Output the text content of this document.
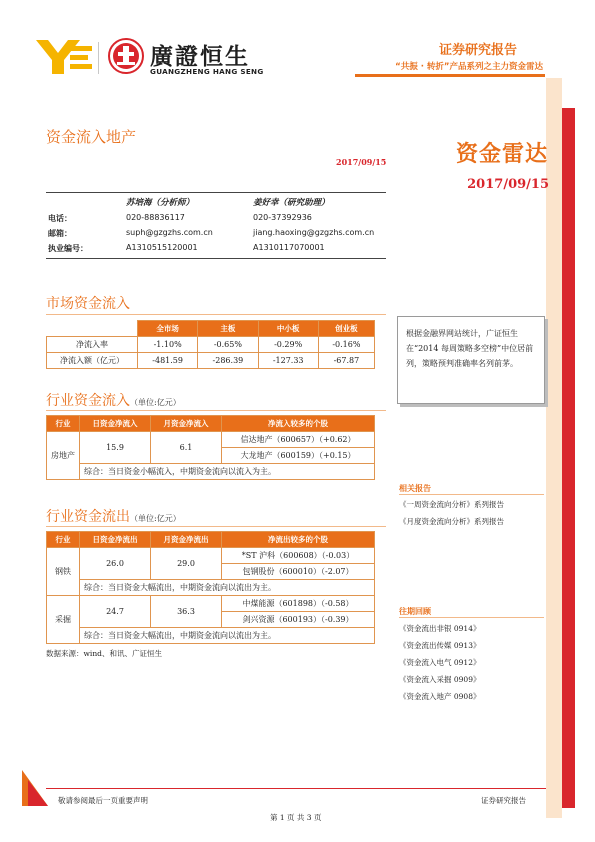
廣證恒生
GUANGZHENG HANG SENG
证券研究报告
“共振 · 转折”产品系列之主力资金雷达
资金流入地产
2017/09/15	资金雷达
2017/09/15
苏培海（分析师）	姜好幸（研究助理）
电话：	020-88836117	020-37392936
邮箱：	suph@gzgzhs.com.cn	jiang.haoxing@gzgzhs.com.cn
执业编号：	A1310515120001	A1310117070001
市场资金流入
	全市场	主板	中小板	创业板
净流入率	-1.10%	-0.65%	-0.29%	-0.16%
净流入额（亿元）	-481.59	-286.39	-127.33	-67.87
行业资金流入（单位:亿元）
行业	日资金净流入	月资金净流入	净流入较多的个股
房地产	15.9	6.1	信达地产（600657）（+0.62）
			大龙地产（600159）（+0.15）
	综合：当日资金小幅流入，中期资金流向以流入为主。		
行业资金流出（单位:亿元）
行业	日资金净流出	月资金净流出	净流出较多的个股
钢铁	26.0	29.0	*ST 沪科（600608）（-0.03）
			包钢股份（600010）（-2.07）
	综合：当日资金大幅流出，中期资金流向以流出为主。		
采掘	24.7	36.3	中煤能源（601898）（-0.58）
			剑兴资源（600193）（-0.39）
	综合：当日资金大幅流出，中期资金流向以流出为主。		
数据来源：wind、和讯、广证恒生

根据金融界网站统计，广证恒生在“2014 每周策略多空榜”中位居前列，策略预判准确率名列前茅。

相关报告
《一周资金流向分析》系列报告
《月度资金流向分析》系列报告
往期回顾
《资金流出非银 0914》
《资金流出传媒 0913》
《资金流入电气 0912》
《资金流入采掘 0909》
《资金流入地产 0908》
敬请参阅最后一页重要声明	证券研究报告
第 1 页 共 3 页
